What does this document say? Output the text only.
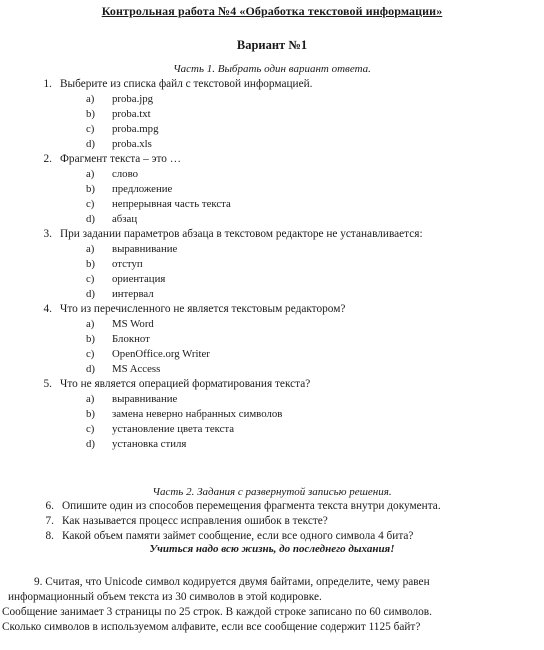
Контрольная работа №4 «Обработка текстовой информации»
Вариант №1
Часть 1. Выбрать один вариант ответа.
1. Выберите из списка файл с текстовой информацией.
a)	proba.jpg
b)	proba.txt
c)	proba.mpg
d)	proba.xls
2. Фрагмент текста – это …
a)	слово
b)	предложение
c)	непрерывная часть текста
d)	абзац
3. При задании параметров абзаца в текстовом редакторе не устанавливается:
a)	выравнивание
b)	отступ
c)	ориентация
d)	интервал
4. Что из перечисленного не является текстовым редактором?
a)	MS Word
b)	Блокнот
c)	OpenOffice.org Writer
d)	MS Access
5. Что не является операцией форматирования текста?
a)	выравнивание
b)	замена неверно набранных символов
c)	установление цвета текста
d)	установка стиля
Часть 2. Задания с развернутой записью решения.
6. Опишите один из способов перемещения фрагмента текста внутри документа.
7. Как называется процесс исправления ошибок в тексте?
8. Какой объем памяти займет сообщение, если все одного символа 4 бита?
Учиться надо всю жизнь, до последнего дыхания!
9. Считая, что Unicode символ кодируется двумя байтами, определите, чему равен
информационный объем текста из 30 символов в этой кодировке.
Сообщение занимает 3 страницы по 25 строк. В каждой строке записано по 60 символов.
Сколько символов в используемом алфавите, если все сообщение содержит 1125 байт?
